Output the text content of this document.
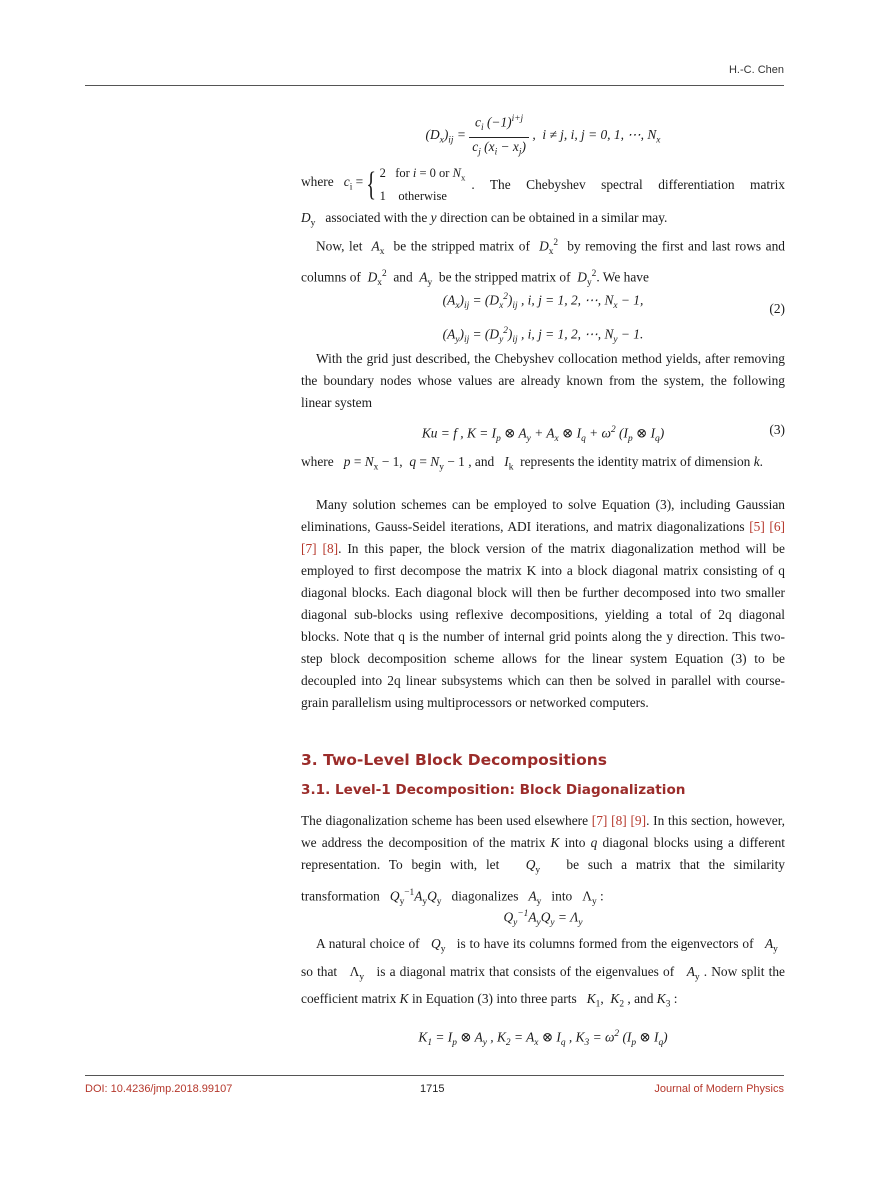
H.-C. Chen
$(D_x)_{ij} = \frac{c_i (-1)^{i+j}}{c_j (x_i - x_j)}$ ,  i ≠ j, i, j = 0, 1, ⋯, $N_x$
where   $c_i$ = { 2   for i = 0 or $N_x$
1    otherwise
. The Chebyshev spectral differentiation matrix

$D_y$   associated with the y direction can be obtained in a similar may.

Now, let  $A_x$  be the stripped matrix of  $D_x^2$  by removing the first and last rows and columns of  $D_x^2$  and  $A_y$  be the stripped matrix of  $D_y^2$. We have

$(A_x)_{ij} = (D_x^2)_{ij}$ , i, j = 1, 2, ⋯, $N_x - 1$,
$(A_y)_{ij} = (D_y^2)_{ij}$ , i, j = 1, 2, ⋯, $N_y - 1$.
(2)

With the grid just described, the Chebyshev collocation method yields, after removing the boundary nodes whose values are already known from the system, the following linear system

Ku = f , $K = I_p$ ⊗ $A_y + A_x$ ⊗ $I_q + \omega^2$ ($I_p$ ⊗ $I_q$)	(3)

where   $p = N_x - 1$,  $q = N_y - 1$ , and   $I_k$  represents the identity matrix of dimension k.

Many solution schemes can be employed to solve Equation (3), including Gaussian eliminations, Gauss-Seidel iterations, ADI iterations, and matrix diagonalizations [5] [6] [7] [8]. In this paper, the block version of the matrix diagonalization method will be employed to first decompose the matrix K into a block diagonal matrix consisting of q diagonal blocks. Each diagonal block will then be further decomposed into two smaller diagonal sub-blocks using reflexive decompositions, yielding a total of 2q diagonal blocks. Note that q is the number of internal grid points along the y direction. This two-step block decomposition scheme allows for the linear system Equation (3) to be decoupled into 2q linear subsystems which can then be solved in parallel with course-grain parallelism using multiprocessors or networked computers.

3. Two-Level Block Decompositions
3.1. Level-1 Decomposition: Block Diagonalization

The diagonalization scheme has been used elsewhere [7] [8] [9]. In this section, however, we address the decomposition of the matrix K into q diagonal blocks using a different representation. To begin with, let   $Q_y$   be such a matrix that the similarity transformation   $Q_y^{-1}A_yQ_y$   diagonalizes   $A_y$   into   $\Lambda_y$ :

$Q_y^{-1}A_yQ_y = \Lambda_y$

A natural choice of   $Q_y$   is to have its columns formed from the eigenvectors of   $A_y$   so that   $\Lambda_y$   is a diagonal matrix that consists of the eigenvalues of   $A_y$ . Now split the coefficient matrix K in Equation (3) into three parts   $K_1$,  $K_2$ , and $K_3$ :

$K_1 = I_p$ ⊗ $A_y$ , $K_2 = A_x$ ⊗ $I_q$ , $K_3 = \omega^2$ ($I_p$ ⊗ $I_q$)
DOI: 10.4236/jmp.2018.99107	1715	Journal of Modern Physics
